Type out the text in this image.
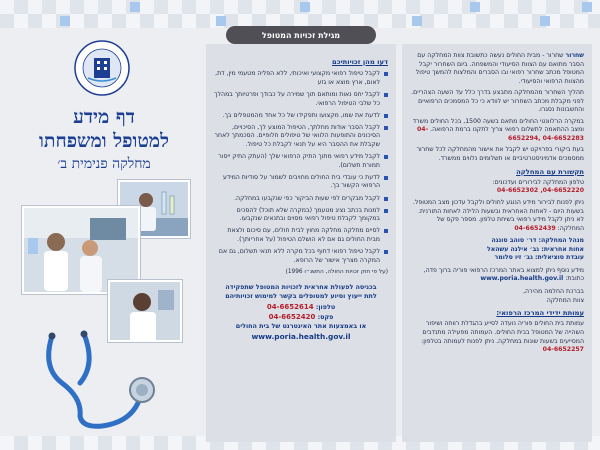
דף מידע
למטופל ומשפחתו
מחלקה פנימית ב׳
דעו מהן זכויותיכם
לקבל טיפול רפואי מקצועי ואיכותי, ללא הפליה מטעמי מין, דת, לאום, ארץ מוצא או גזע
לקבל יחס נאות ומותאם תוך שמירה על כבודך ופרטיותך במהלך כל שלבי הטיפול הרפואי.
לדעת את שמו, מקצועו ותפקידו של כל אחד מהמטפלים בך.
לקבל הסבר אודות מחלתך, הטיפול המוצע לך, הסיכויים, הסיכונים והתופעות הלוואי של טיפולים חלופיים. הסכמתך לאחר שקבלת את ההסבר היא על תנאי לקבלת כל טיפול.
לקבל מידע רפואי מתוך התיק הרפואי שלך (העתק התיק ייסור תמורת תשלום).
לדעת כי עובדי בית החולים מחויבים לשמור על סודיות המידע הרפואי הקשור בך.
לקבל מבקרים לפי שעות הביקור כפי שנקבעו במחלקה.
למנות בכתב נציג מטעמך (במקרה שלא תוכל) להסכים במקומך לקבלת טיפול רפואי מסוים ובתנאים שנקבעו.
לסיים מחלקה מחלקה מחוץ לבית חולים, עם סיכום ולצאת מבית החולים גם אם לא הושלם הטיפול (על אחריותך).
לקבל טיפול רפואי דחוף בכל מקרה ללא תנאי תשלום, גם אם המקרה מצריך אישור של הרופא.
(על פי חוק זכויות החולה, התשנ״ו 1996)
בכניסה לפעולת אחראית לזכויות המטופל שתפקידה
לתת ייעוץ וסיוע למטופלים בקשר למימוש זכויותיהם
טלפון: 04-6652614
פקס: 04-6652420
או באמצעות אתר האינטרנט של בית החולים
www.poria.health.gov.il
מגילת זכויות המטופל

שחרור שחרור - מבית החולים נעשה כתשובת צוות המחלקה עם הסבר מתואם עם הצוות הסיעודי והמשפחה. ביום השחרור יקבל המטופל מכתב שחרור רפואי ובו הסברים והמלצות להמשך טיפול מהצוות הרפואי והסיעודי.

תהליך השחרור מהמחלקה מתבצע בדרך כלל עד השעה הצהריים. לפני מקבלת מכתב השחרור יש לוודא כי כל המסמכים הרפואיים והחשבונות נסגרו.

במקרה הרלוונטי החולים מתאם בשעה 1500, בכל החולים משרד ומצב ההתאמה לתשלום רפואי צריך לתקנו ברמת הרפואה. 04-6652294, 04-6652283

בעת ביקורי בפרויקט יש לקבל את אישור מהמחלקה לכל שחרור ממסמכים אדמיניסטרטיביים או תשלומים נלווים ממשרד.

תקשורת עם המחלקה

טלפון המחלקה לבירורים ועדכונים:
04-6652302 ,04-6652220

ניתן לפנות לבירור מידע הנוגע לחולים ולקבל עדכון מצב המטופל. בשעות היום - לאחות האחראית ובשעות הלילה לאחות התורנית. לא ניתן לקבל מידע רפואי בשיחת טלפון. מספר פקס של המחלקה: 04-6652439

מנהל המחלקה: דר׳ סוהב סונגה
אחות אחראית: גב׳ אילנה עשהאל
עובדת סוציאלית: גב׳ זיו סלומר

מידע נוסף ניתן למצוא באתר המרכז הרפואי פוריה ברוך פדה, כתובת: www.poria.health.gov.il

בברכת החלמה מהירה,
צוות המחלקה

עמותת ידידי המרכז הרפואי:

עמותת בית החולים פוריה נועדה לסייע בהגדלת רווחה ושיפור השהייה של המטופל בבית החולים. העמותה מפעילה מתנדבים המסייעים בשעות שונות במחלקה. ניתן לפנות לעמותה בטלפון: 04-6652257
